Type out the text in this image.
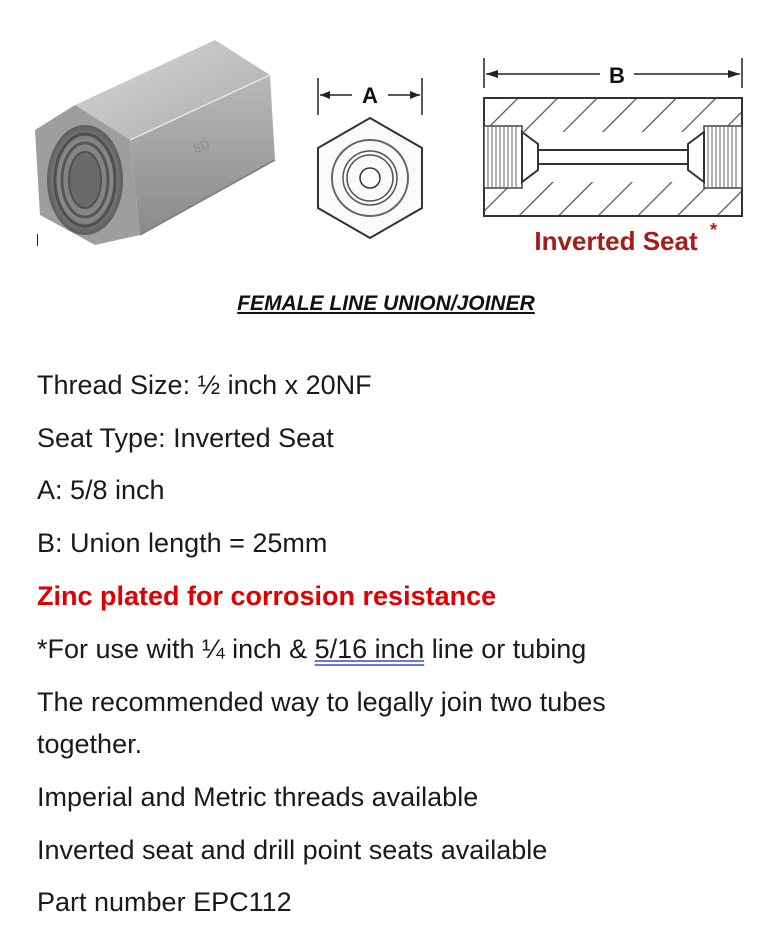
8D
A
B
Inverted Seat *
FEMALE LINE UNION/JOINER
Thread Size: ½ inch x 20NF
Seat Type: Inverted Seat
A: 5/8 inch
B: Union length = 25mm
Zinc plated for corrosion resistance
*For use with ¼ inch & 5/16 inch line or tubing
The recommended way to legally join two tubes
together.
Imperial and Metric threads available
Inverted seat and drill point seats available
Part number EPC112
